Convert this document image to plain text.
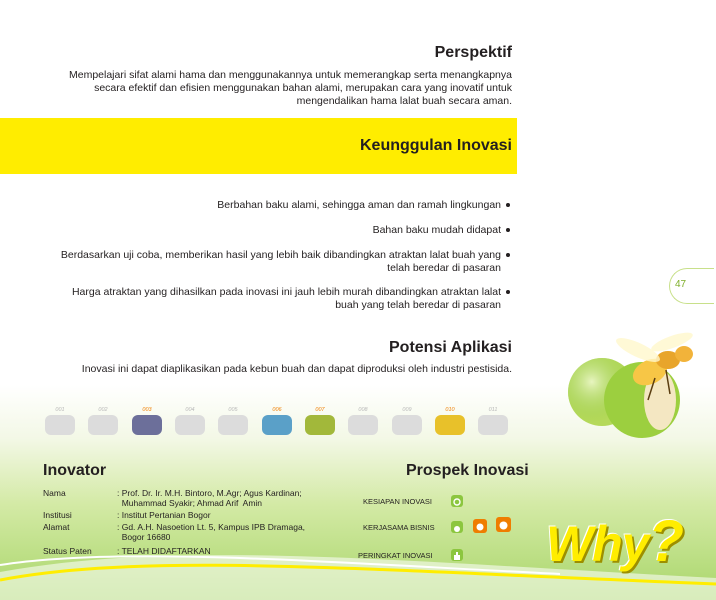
Perspektif
Mempelajari sifat alami hama dan menggunakannya untuk memerangkap serta menangkapnya
secara efektif dan efisien menggunakan bahan alami, merupakan cara yang inovatif untuk
mengendalikan hama lalat buah secara aman.
Keunggulan Inovasi
Berbahan baku alami, sehingga aman dan ramah lingkungan
Bahan baku mudah didapat
Berdasarkan uji coba, memberikan hasil yang lebih baik dibandingkan atraktan lalat buah yang
telah beredar di pasaran
Harga atraktan yang dihasilkan pada inovasi ini jauh lebih murah dibandingkan atraktan lalat
buah yang telah beredar di pasaran
47
Potensi Aplikasi
Inovasi ini dapat diaplikasikan pada kebun buah dan dapat diproduksi oleh industri pestisida.
001	002	003	004	005	006	007	008	009	010	011
Inovator
Nama	: Prof. Dr. Ir. M.H. Bintoro, M.Agr; Agus Kardinan;
Muhammad Syakir; Ahmad Arif  Amin
Institusi	: Institut Pertanian Bogor
Alamat	: Gd. A.H. Nasoetion Lt. 5, Kampus IPB Dramaga,
Bogor 16680
Status Paten	: TELAH DIDAFTARKAN
Prospek Inovasi
KESIAPAN INOVASI
KERJASAMA BISNIS
PERINGKAT INOVASI Why?
